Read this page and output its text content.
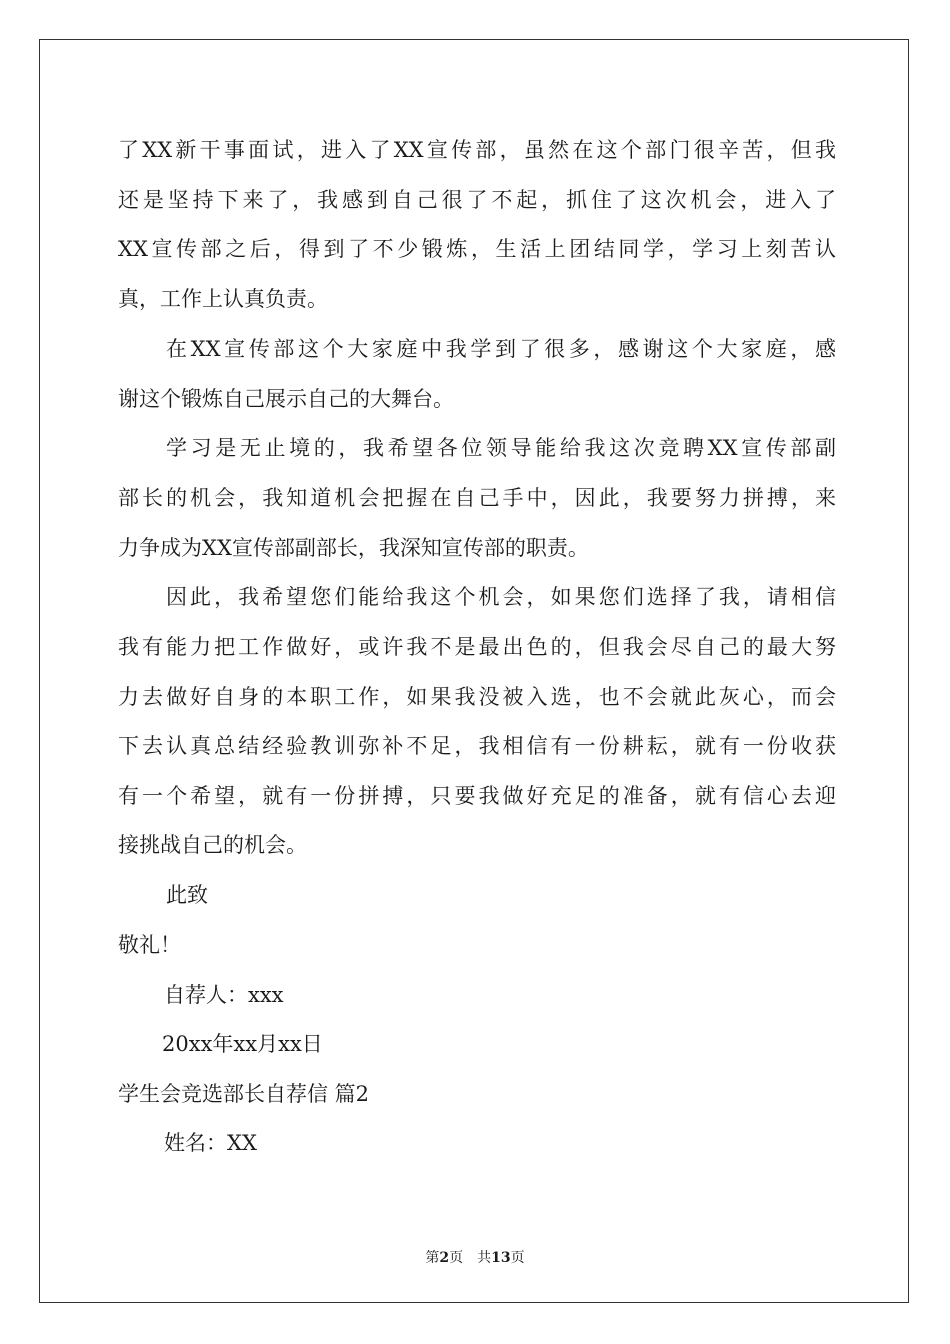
了XX新干事面试，进入了XX宣传部，虽然在这个部门很辛苦，但我
还是坚持下来了，我感到自己很了不起，抓住了这次机会，进入了
XX宣传部之后，得到了不少锻炼，生活上团结同学，学习上刻苦认
真，工作上认真负责。
在XX宣传部这个大家庭中我学到了很多，感谢这个大家庭，感
谢这个锻炼自己展示自己的大舞台。
学习是无止境的，我希望各位领导能给我这次竞聘XX宣传部副
部长的机会，我知道机会把握在自己手中，因此，我要努力拼搏，来
力争成为XX宣传部副部长，我深知宣传部的职责。
因此，我希望您们能给我这个机会，如果您们选择了我，请相信
我有能力把工作做好，或许我不是最出色的，但我会尽自己的最大努
力去做好自身的本职工作，如果我没被入选，也不会就此灰心，而会
下去认真总结经验教训弥补不足，我相信有一份耕耘，就有一份收获
有一个希望，就有一份拼搏，只要我做好充足的准备，就有信心去迎
接挑战自己的机会。
此致
敬礼！
自荐人：xxx
20xx年xx月xx日
学生会竞选部长自荐信 篇2
姓名：XX
第2页 共13页
